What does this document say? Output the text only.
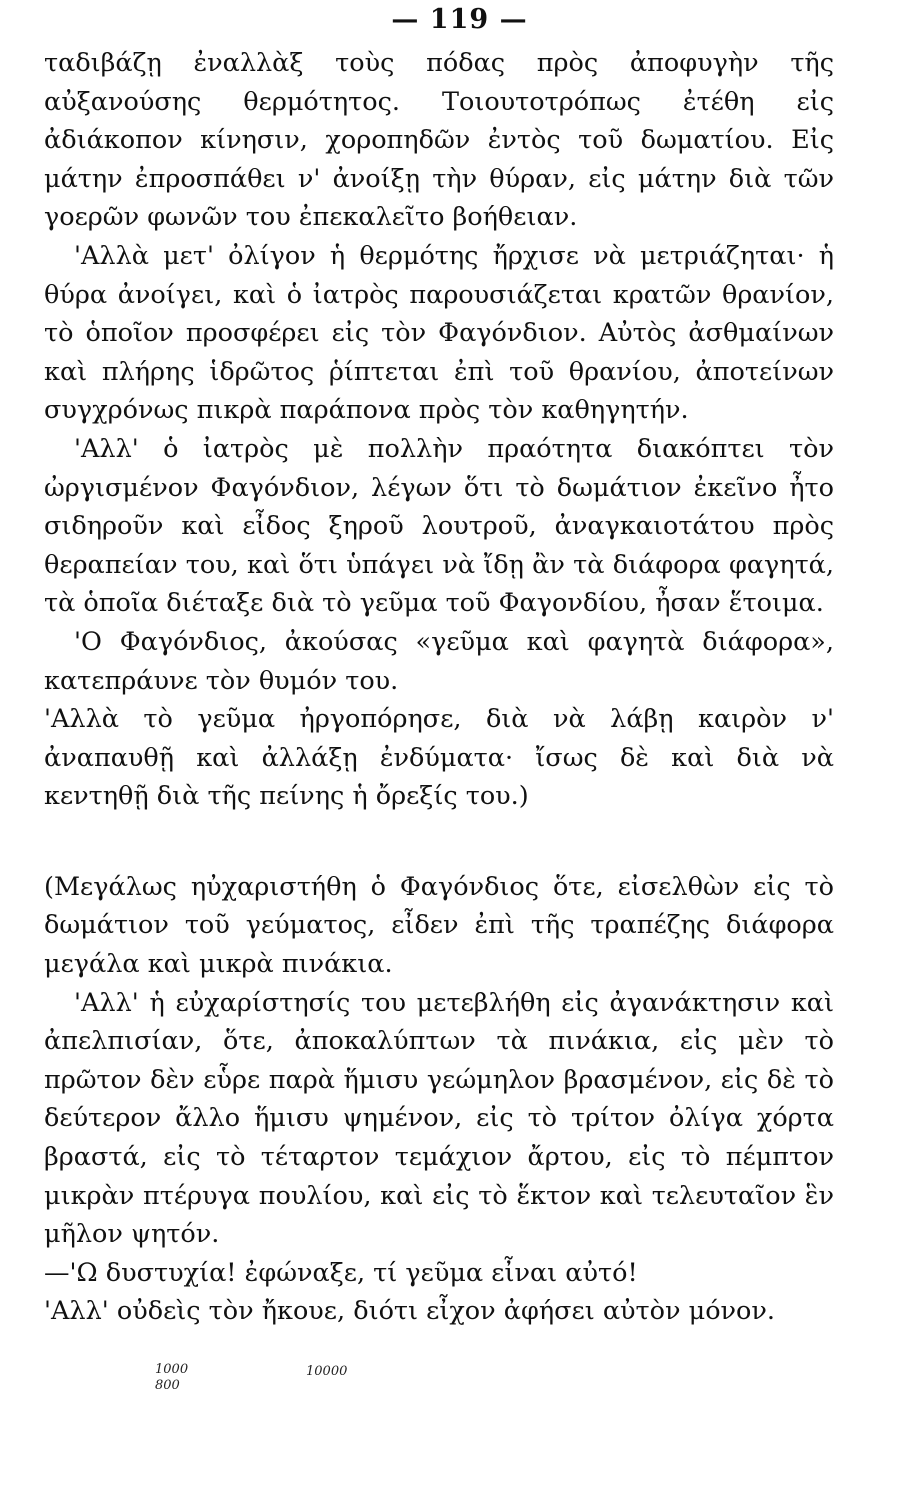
— 119 —

ταδιβάζῃ ἐναλλὰξ τοὺς πόδας πρὸς ἀποφυγὴν τῆς αὐξανούσης θερμότητος. Τοιουτοτρόπως ἐτέθη εἰς ἀδιάκοπον κίνησιν, χοροπηδῶν ἐντὸς τοῦ δωματίου. Εἰς μάτην ἐπροσπάθει ν' ἀνοίξῃ τὴν θύραν, εἰς μάτην διὰ τῶν γοερῶν φωνῶν του ἐπεκαλεῖτο βοήθειαν.

'Αλλὰ μετ' ὀλίγον ἡ θερμότης ἤρχισε νὰ μετριάζηται· ἡ θύρα ἀνοίγει, καὶ ὁ ἰατρὸς παρουσιάζεται κρατῶν θρανίον, τὸ ὁποῖον προσφέρει εἰς τὸν Φαγόνδιον. Αὐτὸς ἀσθμαίνων καὶ πλήρης ἱδρῶτος ῥίπτεται ἐπὶ τοῦ θρανίου, ἀποτείνων συγχρόνως πικρὰ παράπονα πρὸς τὸν καθηγητήν.

'Αλλ' ὁ ἰατρὸς μὲ πολλὴν πραότητα διακόπτει τὸν ὠργισμένον Φαγόνδιον, λέγων ὅτι τὸ δωμάτιον ἐκεῖνο ἦτο σιδηροῦν καὶ εἶδος ξηροῦ λουτροῦ, ἀναγκαιοτάτου πρὸς θεραπείαν του, καὶ ὅτι ὑπάγει νὰ ἴδῃ ἂν τὰ διάφορα φαγητά, τὰ ὁποῖα διέταξε διὰ τὸ γεῦμα τοῦ Φαγονδίου, ἦσαν ἕτοιμα.

'Ο Φαγόνδιος, ἀκούσας «γεῦμα καὶ φαγητὰ διάφορα», κατεπράυνε τὸν θυμόν του.

'Αλλὰ τὸ γεῦμα ἠργοπόρησε, διὰ νὰ λάβῃ καιρὸν ν' ἀναπαυθῇ καὶ ἀλλάξῃ ἐνδύματα· ἴσως δὲ καὶ διὰ νὰ κεντηθῇ διὰ τῆς πείνης ἡ ὄρεξίς του.)

(Μεγάλως ηὐχαριστήθη ὁ Φαγόνδιος ὅτε, εἰσελθὼν εἰς τὸ δωμάτιον τοῦ γεύματος, εἶδεν ἐπὶ τῆς τραπέζης διάφορα μεγάλα καὶ μικρὰ πινάκια.

'Αλλ' ἡ εὐχαρίστησίς του μετεβλήθη εἰς ἀγανάκτησιν καὶ ἀπελπισίαν, ὅτε, ἀποκαλύπτων τὰ πινάκια, εἰς μὲν τὸ πρῶτον δὲν εὗρε παρὰ ἥμισυ γεώμηλον βρασμένον, εἰς δὲ τὸ δεύτερον ἄλλο ἥμισυ ψημένον, εἰς τὸ τρίτον ὀλίγα χόρτα βραστά, εἰς τὸ τέταρτον τεμάχιον ἄρτου, εἰς τὸ πέμπτον μικρὰν πτέρυγα πουλίου, καὶ εἰς τὸ ἕκτον καὶ τελευταῖον ἓν μῆλον ψητόν.

—'Ω δυστυχία! ἐφώναξε, τί γεῦμα εἶναι αὐτό!

'Αλλ' οὐδεὶς τὸν ἤκουε, διότι εἶχον ἀφήσει αὐτὸν μόνον.

1000
800
10000
